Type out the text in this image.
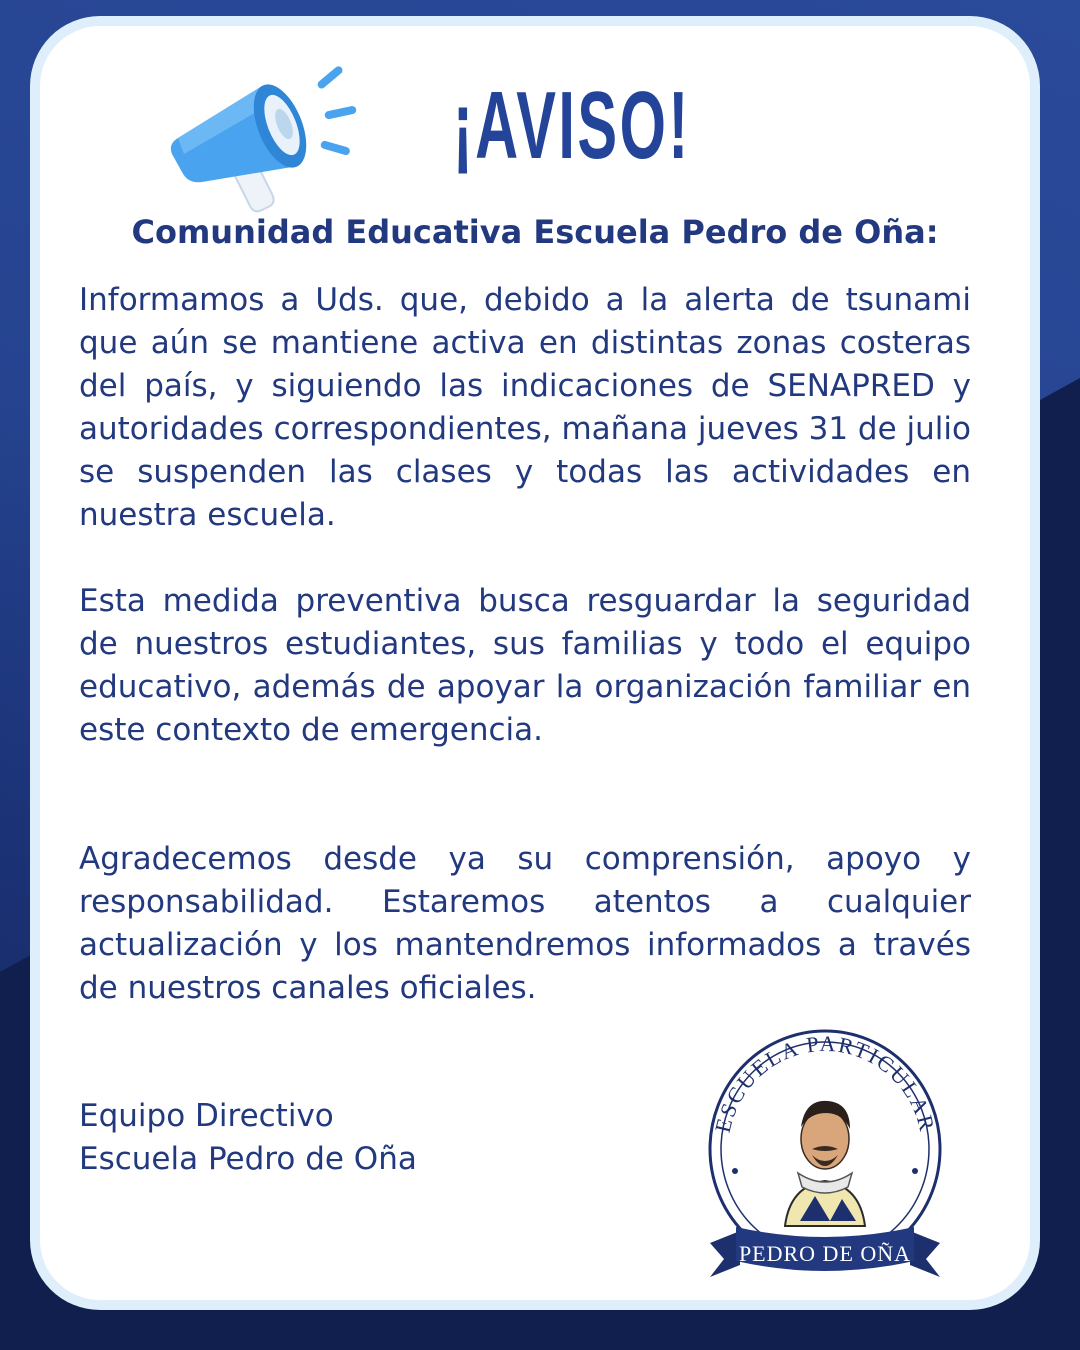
¡AVISO!
Comunidad Educativa Escuela Pedro de Oña:

Informamos a Uds. que, debido a la alerta de tsunami que aún se mantiene activa en distintas zonas costeras del país, y siguiendo las indicaciones de SENAPRED y autoridades correspondientes, mañana jueves 31 de julio se suspenden las clases y todas las actividades en nuestra escuela.

Esta medida preventiva busca resguardar la seguridad de nuestros estudiantes, sus familias y todo el equipo educativo, además de apoyar la organización familiar en este contexto de emergencia.

Agradecemos desde ya su comprensión, apoyo y responsabilidad. Estaremos atentos a cualquier actualización y los mantendremos informados a través de nuestros canales oficiales.

Equipo Directivo
Escuela Pedro de Oña
ESCUELA PARTICULAR
PEDRO DE OÑA
